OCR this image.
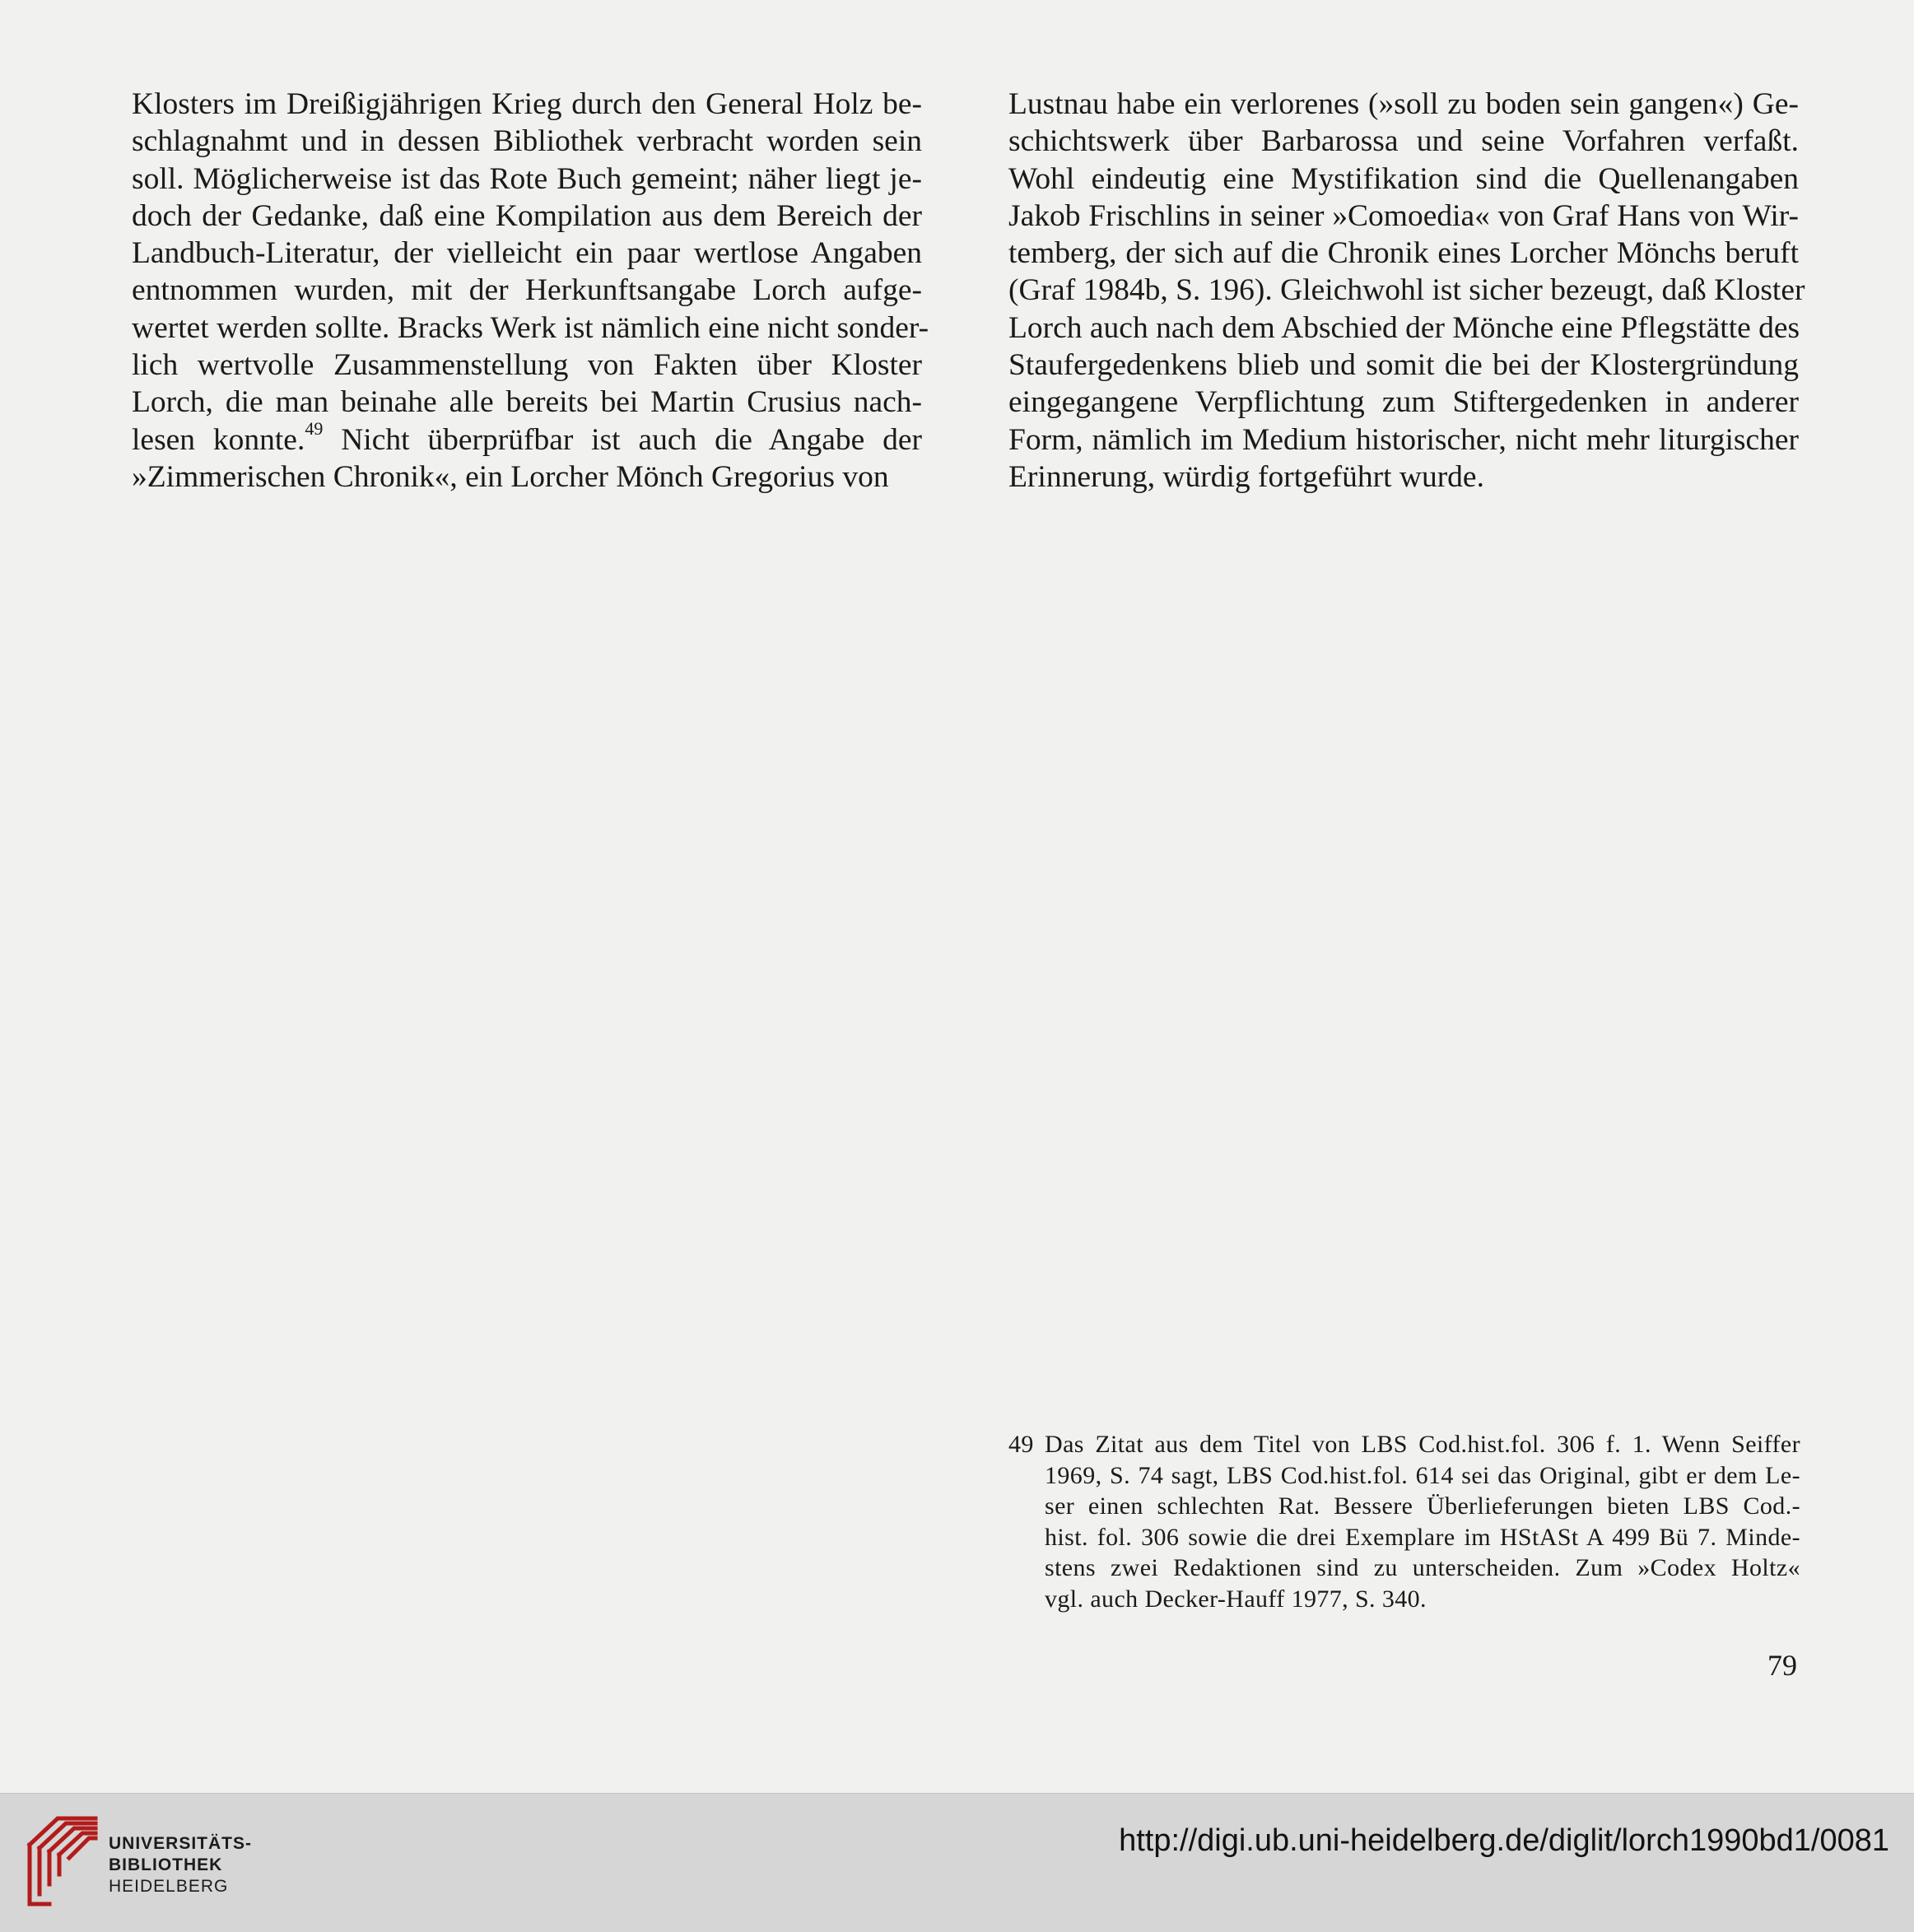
Klosters im Dreißigjährigen Krieg durch den General Holz be-
schlagnahmt und in dessen Bibliothek verbracht worden sein
soll. Möglicherweise ist das Rote Buch gemeint; näher liegt je-
doch der Gedanke, daß eine Kompilation aus dem Bereich der
Landbuch-Literatur, der vielleicht ein paar wertlose Angaben
entnommen wurden, mit der Herkunftsangabe Lorch aufge-
wertet werden sollte. Bracks Werk ist nämlich eine nicht sonder-
lich wertvolle Zusammenstellung von Fakten über Kloster
Lorch, die man beinahe alle bereits bei Martin Crusius nach-
lesen konnte.$^{49}$ Nicht überprüfbar ist auch die Angabe der
»Zimmerischen Chronik«, ein Lorcher Mönch Gregorius von
Lustnau habe ein verlorenes (»soll zu boden sein gangen«) Ge-
schichtswerk über Barbarossa und seine Vorfahren verfaßt.
Wohl eindeutig eine Mystifikation sind die Quellenangaben
Jakob Frischlins in seiner »Comoedia« von Graf Hans von Wir-
temberg, der sich auf die Chronik eines Lorcher Mönchs beruft
(Graf 1984b, S. 196). Gleichwohl ist sicher bezeugt, daß Kloster
Lorch auch nach dem Abschied der Mönche eine Pflegstätte des
Staufergedenkens blieb und somit die bei der Klostergründung
eingegangene Verpflichtung zum Stiftergedenken in anderer
Form, nämlich im Medium historischer, nicht mehr liturgischer
Erinnerung, würdig fortgeführt wurde.
49 Das Zitat aus dem Titel von LBS Cod.hist.fol. 306 f. 1. Wenn Seiffer
1969, S. 74 sagt, LBS Cod.hist.fol. 614 sei das Original, gibt er dem Le-
ser einen schlechten Rat. Bessere Überlieferungen bieten LBS Cod.-
hist. fol. 306 sowie die drei Exemplare im HStASt A 499 Bü 7. Minde-
stens zwei Redaktionen sind zu unterscheiden. Zum »Codex Holtz«
vgl. auch Decker-Hauff 1977, S. 340.
79
UNIVERSITÄTS-
BIBLIOTHEK
HEIDELBERG
http://digi.ub.uni-heidelberg.de/diglit/lorch1990bd1/0081
